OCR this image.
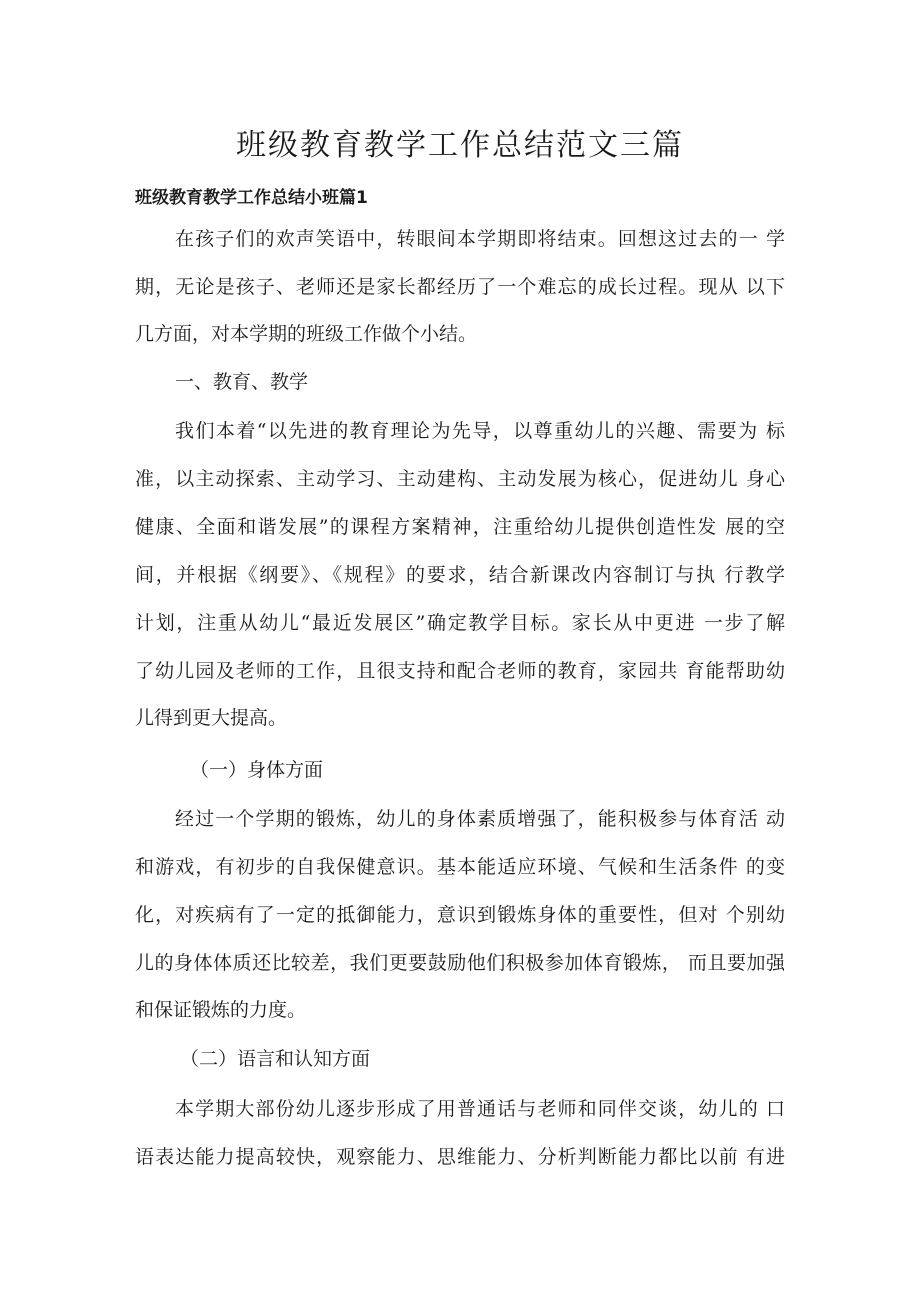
班级教育教学工作总结范文三篇
班级教育教学工作总结小班篇1

在孩子们的欢声笑语中，转眼间本学期即将结束。回想这过去的一 学

期，无论是孩子、老师还是家长都经历了一个难忘的成长过程。现从 以下

几方面，对本学期的班级工作做个小结。

一、教育、教学

我们本着“以先进的教育理论为先导，以尊重幼儿的兴趣、需要为 标

准，以主动探索、主动学习、主动建构、主动发展为核心，促进幼儿 身心

健康、全面和谐发展”的课程方案精神，注重给幼儿提供创造性发 展的空

间，并根据《纲要》、《规程》的要求，结合新课改内容制订与执 行教学

计划，注重从幼儿“最近发展区”确定教学目标。家长从中更进 一步了解

了幼儿园及老师的工作，且很支持和配合老师的教育，家园共 育能帮助幼

儿得到更大提高。

（一）身体方面

经过一个学期的锻炼，幼儿的身体素质增强了，能积极参与体育活 动

和游戏，有初步的自我保健意识。基本能适应环境、气候和生活条件 的变

化，对疾病有了一定的抵御能力，意识到锻炼身体的重要性，但对 个别幼

儿的身体体质还比较差，我们更要鼓励他们积极参加体育锻炼， 而且要加强

和保证锻炼的力度。

（二）语言和认知方面

本学期大部份幼儿逐步形成了用普通话与老师和同伴交谈，幼儿的 口

语表达能力提高较快，观察能力、思维能力、分析判断能力都比以前 有进
